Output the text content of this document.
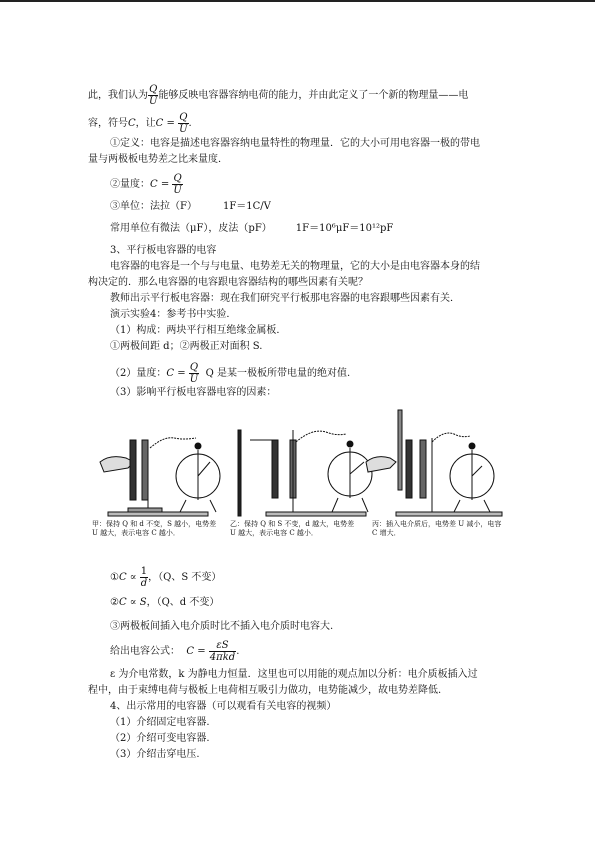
此，我们认为 $\frac{Q}{U}$ 能够反映电容器容纳电荷的能力，并由此定义了一个新的物理量——电
容，符号C，让$C = \frac{Q}{U}$ .
①定义：电容是描述电容器容纳电量特性的物理量．它的大小可用电容器一极的带电
量与两极板电势差之比来量度．
②量度：$C = \frac{Q}{U}$
③单位：法拉（F）	1F＝1C/V
常用单位有微法（μF），皮法（pF） 1F＝10⁶μF＝10¹²pF
3、平行板电容器的电容
电容器的电容是一个与与电量、电势差无关的物理量，它的大小是由电容器本身的结
构决定的．那么电容器的电容跟电容器结构的哪些因素有关呢？
教师出示平行板电容器：现在我们研究平行板那电容器的电容跟哪些因素有关．
演示实验4：参考书中实验．
（1）构成：两块平行相互绝缘金属板．
①两极间距 d；②两极正对面积 S.
（2）量度：$C = \frac{Q}{U}$ Q 是某一极板所带电量的绝对值.
（3）影响平行板电容器电容的因素：
甲：保持 Q 和 d 不变，S 越小，电势差 U 越大，表示电容 C 越小．
乙：保持 Q 和 S 不变，d 越大，电势差 U 越大，表示电容 C 越小．
丙：插入电介质后，电势差 U 减小，电容 C 增大．
①C ∝ $\frac{1}{d}$ ，（Q、S 不变）
②C ∝ S，（Q、d 不变）
③两极板间插入电介质时比不插入电介质时电容大.
给出电容公式： C =
εS
4πkd
.
ε 为介电常数，k 为静电力恒量．这里也可以用能的观点加以分析：电介质板插入过
程中，由于束缚电荷与极板上电荷相互吸引力做功，电势能减少，故电势差降低.
4、出示常用的电容器（可以观看有关电容的视频）
（1）介绍固定电容器.
（2）介绍可变电容器.
（3）介绍击穿电压.
